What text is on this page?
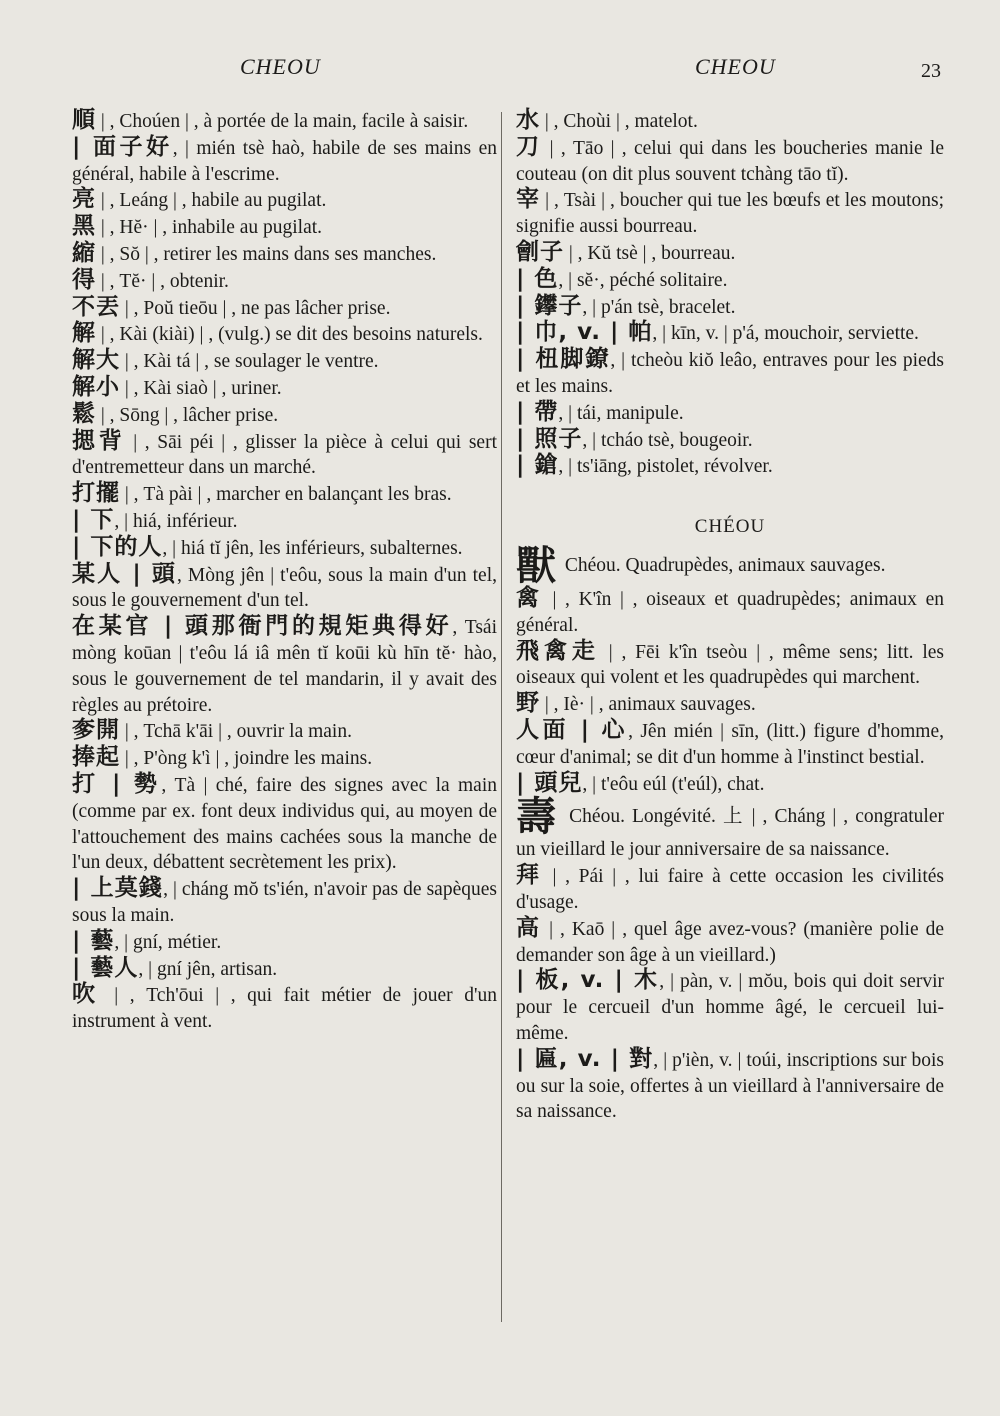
CHEOU	CHEOU	23
順 | , Choúen | , à portée de la main, facile à saisir.
| 面子好, | mién tsè haò, habile de ses mains en général, habile à l'escrime.
亮 | , Leáng | , habile au pugilat.
黑 | , Hĕ· | , inhabile au pugilat.
縮 | , Sŏ | , retirer les mains dans ses manches.
得 | , Tĕ· | , obtenir.
不丟 | , Poŭ tieōu | , ne pas lâcher prise.
解 | , Kài (kiài) | , (vulg.) se dit des besoins naturels.
解大 | , Kài tá | , se soulager le ventre.
解小 | , Kài siaò | , uriner.
鬆 | , Sōng | , lâcher prise.
揌背 | , Sāi péi | , glisser la pièce à celui qui sert d'entremetteur dans un marché.
打擺 | , Tà pài | , marcher en balançant les bras.
| 下, | hiá, inférieur.
| 下的人, | hiá tĭ jên, les inférieurs, subalternes.
某人 | 頭, Mòng jên | t'eôu, sous la main d'un tel, sous le gouvernement d'un tel.
在某官 | 頭那衙門的規矩典得好, Tsái mòng koūan | t'eôu lá iâ mên tĭ koūi kù hīn tĕ· hào, sous le gouvernement de tel mandarin, il y avait des règles au prétoire.
奓開 | , Tchā k'āi | , ouvrir la main.
捧起 | , P'òng k'ì | , joindre les mains.
打 | 勢, Tà | ché, faire des signes avec la main (comme par ex. font deux individus qui, au moyen de l'attouchement des mains cachées sous la manche de l'un deux, débattent secrètement les prix).
| 上莫錢, | cháng mŏ ts'ién, n'avoir pas de sapèques sous la main.
| 藝, | gní, métier.
| 藝人, | gní jên, artisan.
吹 | , Tch'ōui | , qui fait métier de jouer d'un instrument à vent.
水 | , Choùi | , matelot.
刀 | , Tāo | , celui qui dans les boucheries manie le couteau (on dit plus souvent tchàng tāo tĭ).
宰 | , Tsài | , boucher qui tue les bœufs et les moutons; signifie aussi bourreau.
劊子 | , Kŭ tsè | , bourreau.
| 色, | sĕ·, péché solitaire.
| 鑻子, | p'án tsè, bracelet.
| 巾, v. | 帕, | kīn, v. | p'á, mouchoir, serviette.
| 杻脚鐐, | tcheòu kiŏ leâo, entraves pour les pieds et les mains.
| 帶, | tái, manipule.
| 照子, | tcháo tsè, bougeoir.
| 鎗, | ts'iāng, pistolet, révolver.
CHÉOU
獸 Chéou. Quadrupèdes, animaux sauvages.
禽 | , K'în | , oiseaux et quadrupèdes; animaux en général.
飛禽走 | , Fēi k'în tseòu | , même sens; litt. les oiseaux qui volent et les quadrupèdes qui marchent.
野 | , Iè· | , animaux sauvages.
人面 | 心, Jên mién | sīn, (litt.) figure d'homme, cœur d'animal; se dit d'un homme à l'instinct bestial.
| 頭兒, | t'eôu eúl (t'eúl), chat.
壽 Chéou. Longévité. 上 | , Cháng | , congratuler un vieillard le jour anniversaire de sa naissance.
拜 | , Pái | , lui faire à cette occasion les civilités d'usage.
高 | , Kaō | , quel âge avez-vous? (manière polie de demander son âge à un vieillard.)
| 板, v. | 木, | pàn, v. | mŏu, bois qui doit servir pour le cercueil d'un homme âgé, le cercueil lui-même.
| 匾, v. | 對, | p'ièn, v. | toúi, inscriptions sur bois ou sur la soie, offertes à un vieillard à l'anniversaire de sa naissance.
